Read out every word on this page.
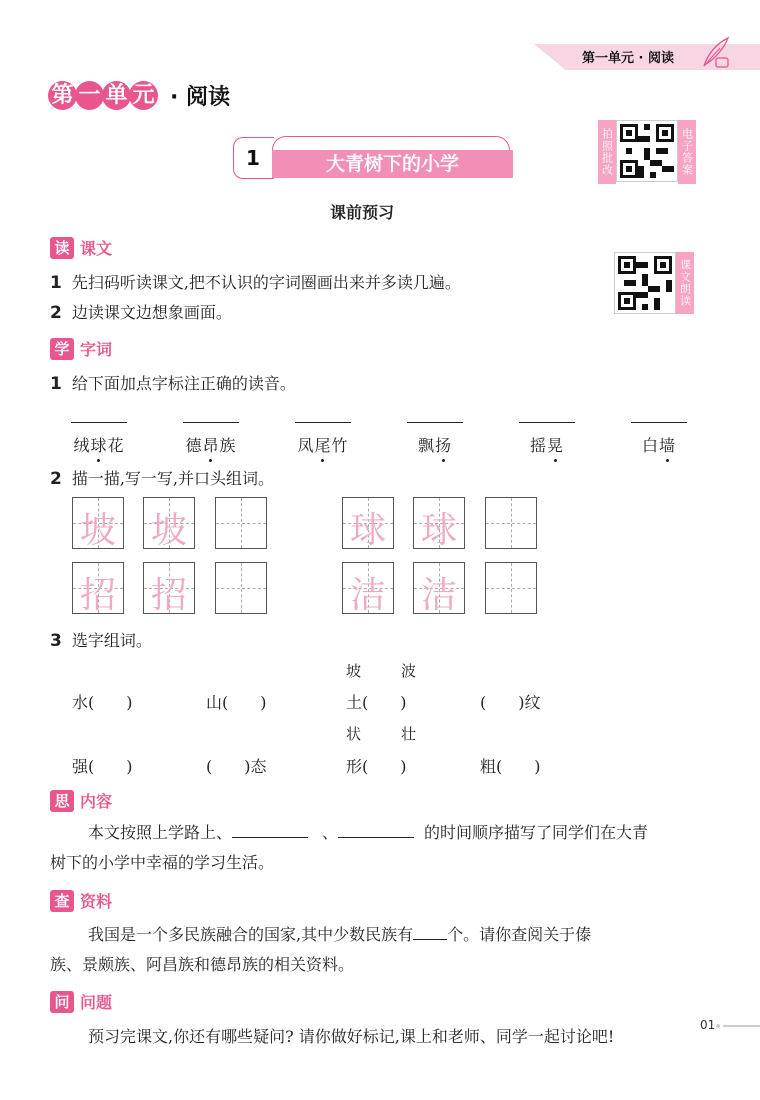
第一单元 · 阅读
第 一 单 元 · 阅读
1	大青树下的小学	拍照批改	电子答案
课前预习
读 课文
1 先扫码听读课文,把不认识的字词圈画出来并多读几遍。
2 边读课文边想象画面。
课文朗读
学 字词
1 给下面加点字标注正确的读音。
绒球花	德昂族	凤尾竹	飘扬	摇晃	白墙
2 描一描,写一写,并口头组词。
坡 坡	球 球
招 招	洁 洁
3 选字组词。
坡	波
水(　　)	山(　　)	土(　　)	(　　)纹
状	壮
强(　　)	(　　)态	形(　　)	粗(　　)
思 内容
本文按照上学路上、	、	的时间顺序描写了同学们在大青
树下的小学中幸福的学习生活。
查 资料
我国是一个多民族融合的国家,其中少数民族有 个。请你查阅关于傣
族、景颇族、阿昌族和德昂族的相关资料。
问 问题
预习完课文,你还有哪些疑问? 请你做好标记,课上和老师、同学一起讨论吧!
01
